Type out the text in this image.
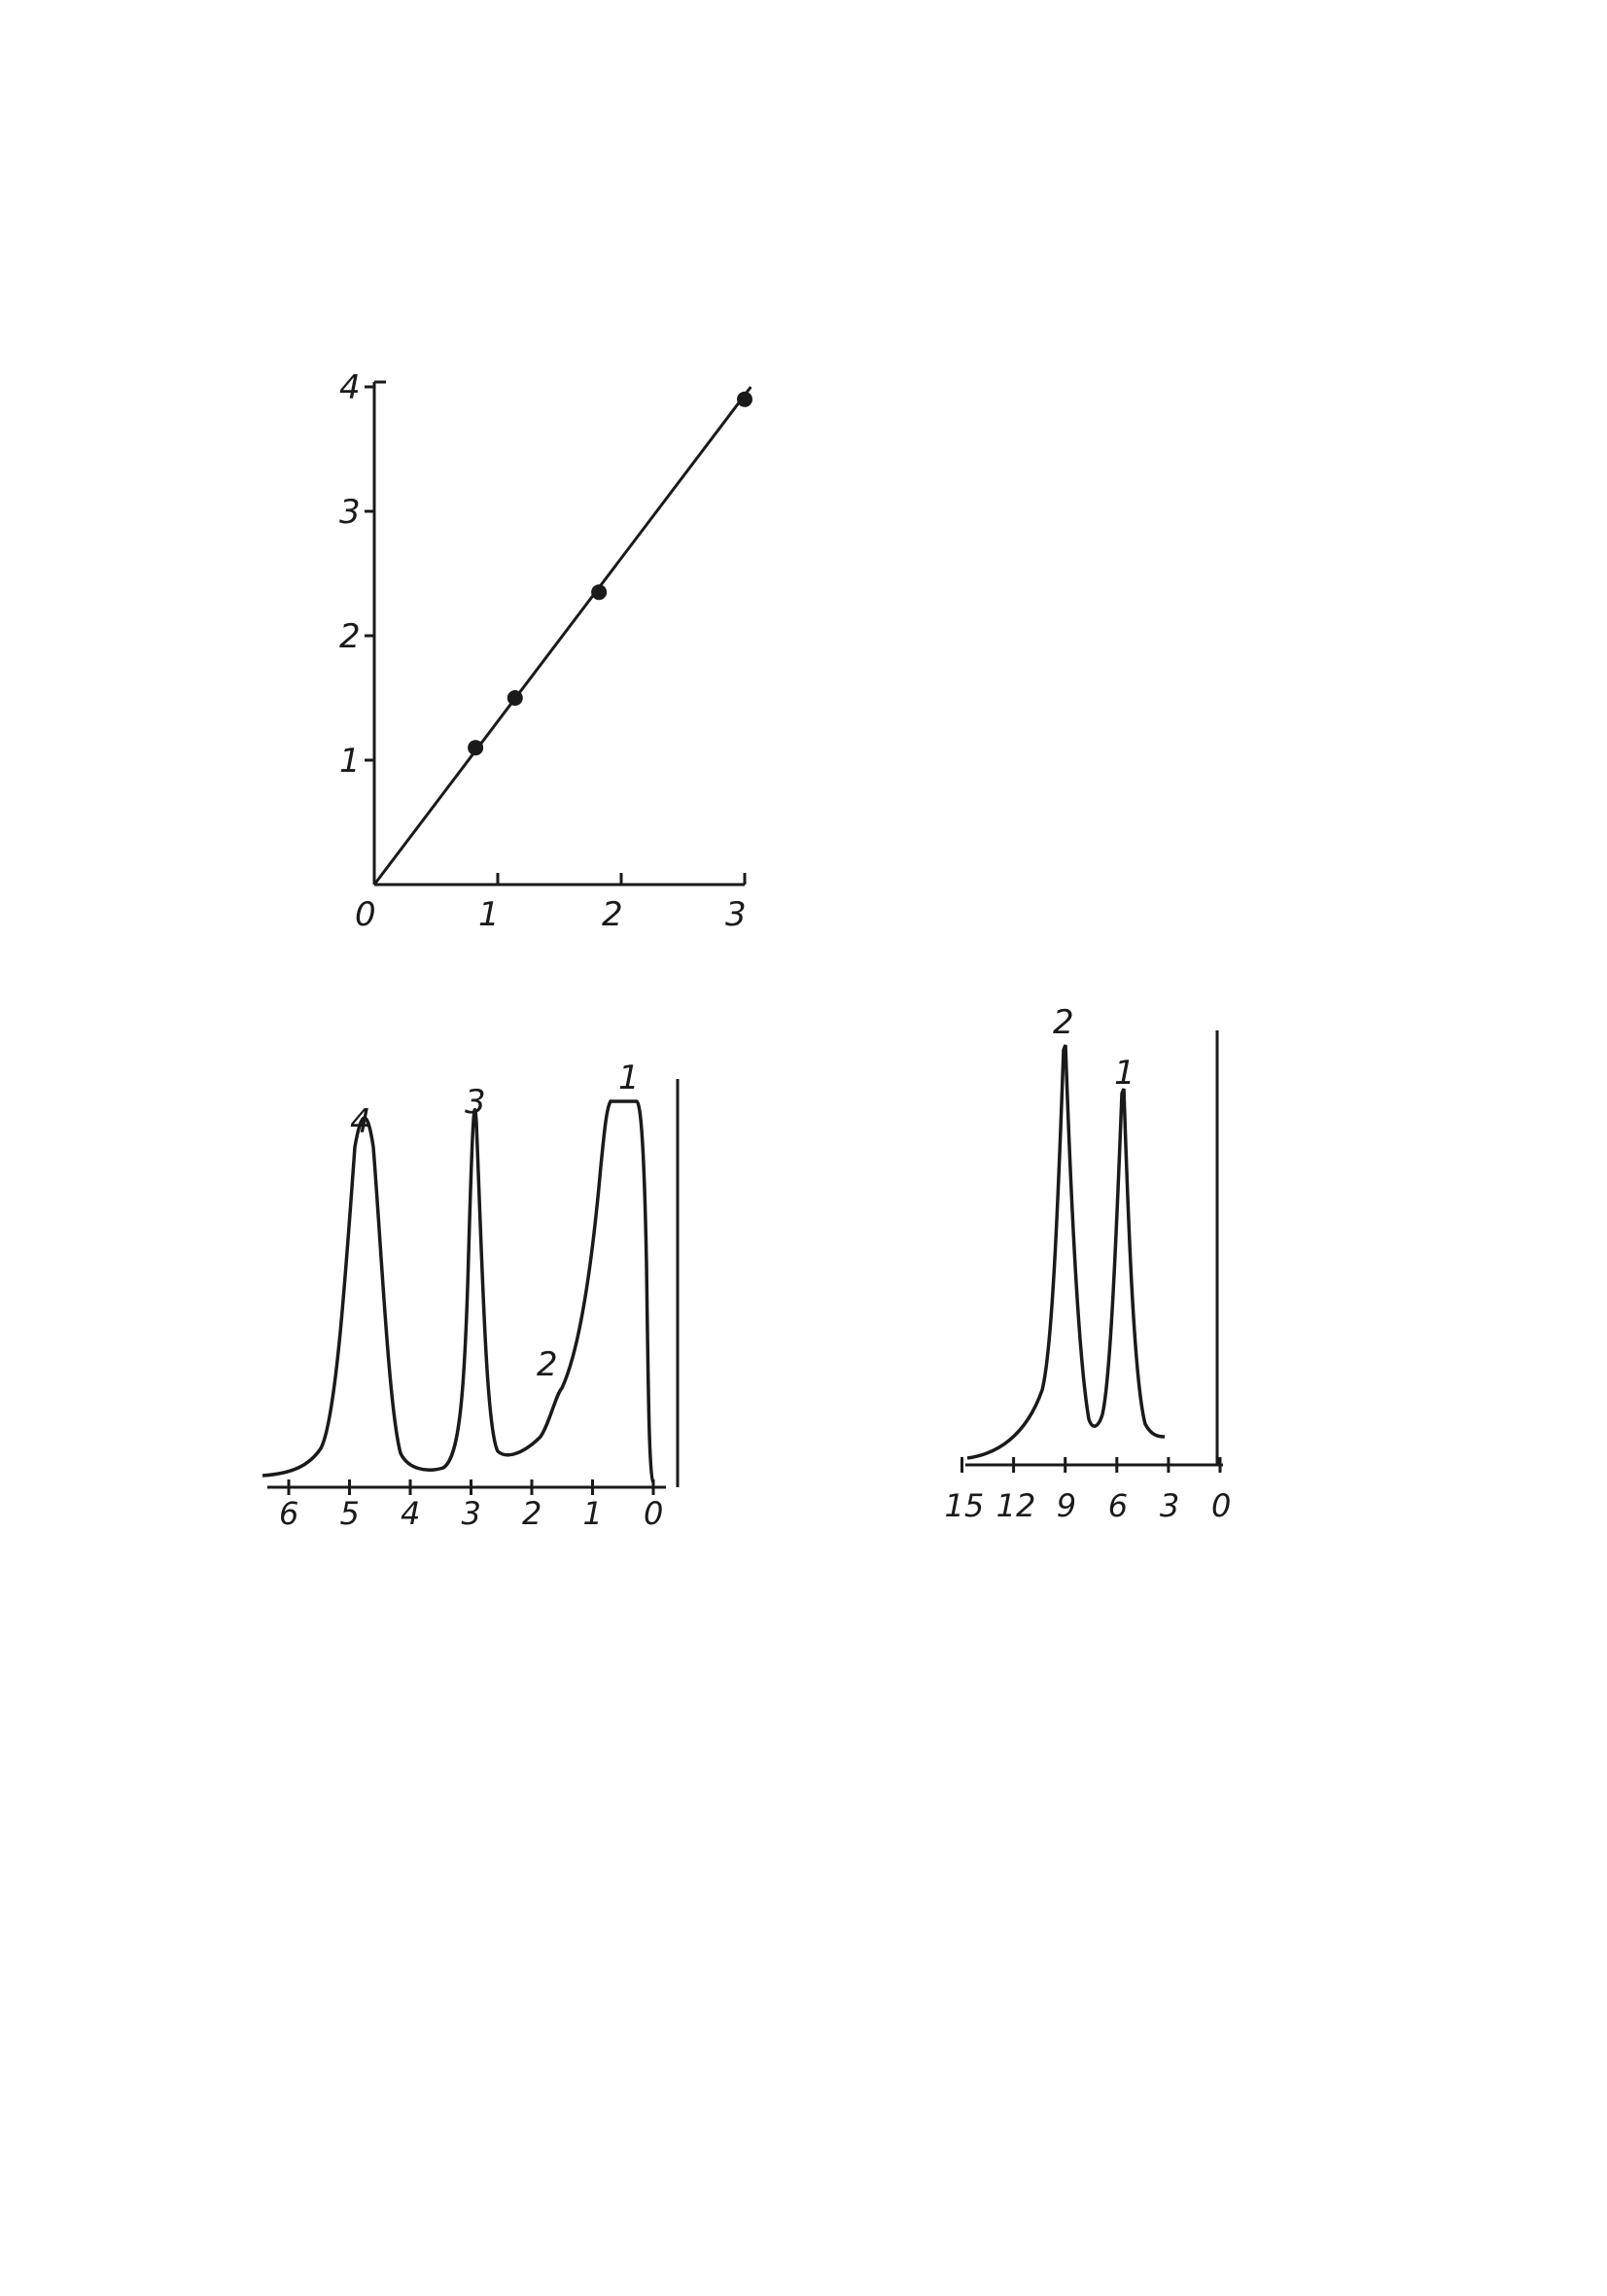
1
2
3
4
0	1	2	3
4	3
2
1
6 5 4 3 2 1 0
2
1
15 12 9 6 3 0
